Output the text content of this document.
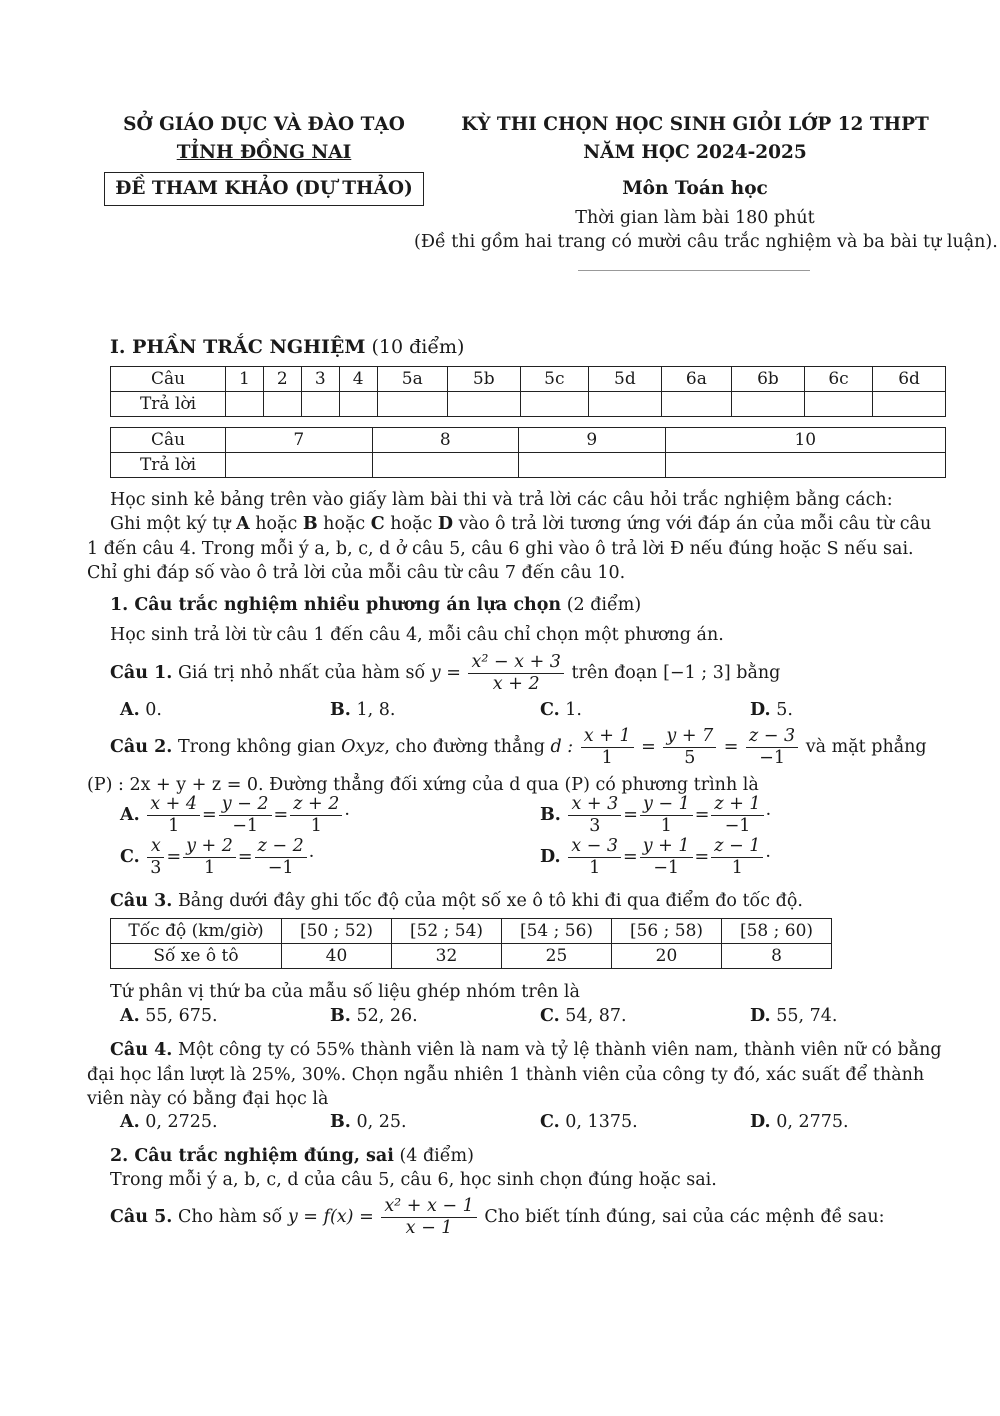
SỞ GIÁO DỤC VÀ ĐÀO TẠO
TỈNH ĐỒNG NAI
ĐỀ THAM KHẢO (DỰ THẢO)
KỲ THI CHỌN HỌC SINH GIỎI LỚP 12 THPT
NĂM HỌC 2024-2025
Môn Toán học
Thời gian làm bài 180 phút
(Đề thi gồm hai trang có mười câu trắc nghiệm và ba bài tự luận).
I. PHẦN TRẮC NGHIỆM (10 điểm)
Câu	1	2	3	4	5a	5b	5c	5d	6a	6b	6c	6d
Trả lời												
Câu	7	8	9	10
Trả lời				
Học sinh kẻ bảng trên vào giấy làm bài thi và trả lời các câu hỏi trắc nghiệm bằng cách:
Ghi một ký tự A hoặc B hoặc C hoặc D vào ô trả lời tương ứng với đáp án của mỗi câu từ câu 1 đến câu 4. Trong mỗi ý a, b, c, d ở câu 5, câu 6 ghi vào ô trả lời Đ nếu đúng hoặc S nếu sai. Chỉ ghi đáp số vào ô trả lời của mỗi câu từ câu 7 đến câu 10.
1. Câu trắc nghiệm nhiều phương án lựa chọn (2 điểm)
Học sinh trả lời từ câu 1 đến câu 4, mỗi câu chỉ chọn một phương án.
Câu 1. Giá trị nhỏ nhất của hàm số $y = \frac{\text{x² − x + 3}}{x + 2}$ trên đoạn [−1 ; 3] bằng
A. 0.	B. 1, 8.	C. 1.	D. 5.
Câu 2. Trong không gian Oxyz, cho đường thẳng d : $\frac{x + 1}{1} = \frac{y + 7}{5} = \frac{z - 3}{-1}$ và mặt phẳng
(P) : 2x + y + z = 0. Đường thẳng đối xứng của d qua (P) có phương trình là
A. $\frac{x + 4}{1} = \frac{y - 2}{-1} = \frac{z + 2}{1}$ ·	B. $\frac{x + 3}{3} = \frac{y - 1}{1} = \frac{z + 1}{-1}$ ·
C. $\frac{x}{3} = \frac{y + 2}{1} = \frac{z - 2}{-1}$ ·	D. $\frac{x - 3}{1} = \frac{y + 1}{-1} = \frac{z - 1}{1}$ ·
Câu 3. Bảng dưới đây ghi tốc độ của một số xe ô tô khi đi qua điểm đo tốc độ.
Tốc độ (km/giờ)	[50 ; 52)	[52 ; 54)	[54 ; 56)	[56 ; 58)	[58 ; 60)
Số xe ô tô	40	32	25	20	8
Tứ phân vị thứ ba của mẫu số liệu ghép nhóm trên là
A. 55, 675.	B. 52, 26.	C. 54, 87.	D. 55, 74.
Câu 4. Một công ty có 55% thành viên là nam và tỷ lệ thành viên nam, thành viên nữ có bằng đại học lần lượt là 25%, 30%. Chọn ngẫu nhiên 1 thành viên của công ty đó, xác suất để thành viên này có bằng đại học là
A. 0, 2725.	B. 0, 25.	C. 0, 1375.	D. 0, 2775.
2. Câu trắc nghiệm đúng, sai (4 điểm)
Trong mỗi ý a, b, c, d của câu 5, câu 6, học sinh chọn đúng hoặc sai.
Câu 5. Cho hàm số $y = f(x) = \frac{\text{x² + x − 1}}{x - 1}$ Cho biết tính đúng, sai của các mệnh đề sau:
